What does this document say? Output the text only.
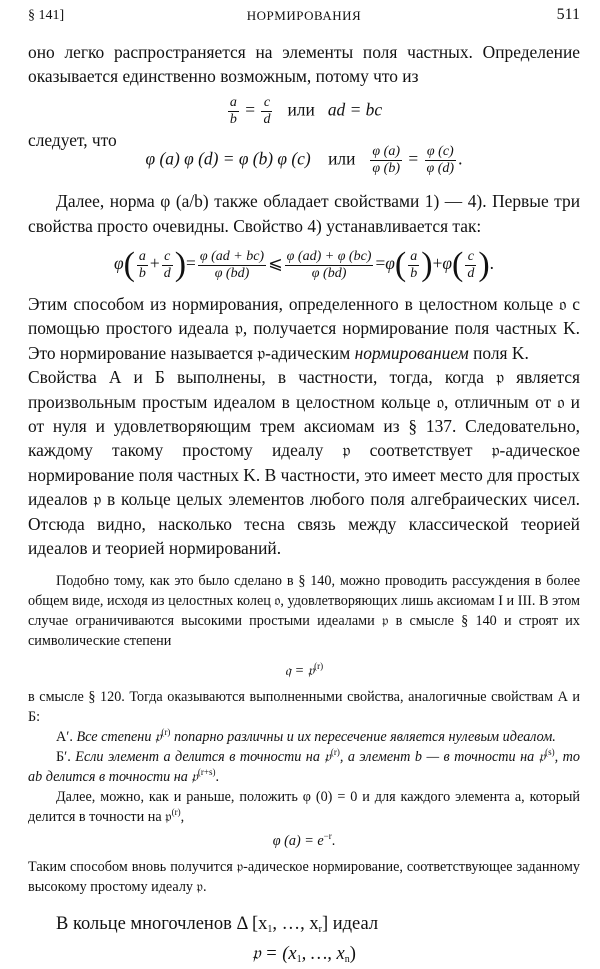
§ 141]	НОРМИРОВАНИЯ	511

оно легко распространяется на элементы поля частных. Определение оказывается единственно возможным, потому что из

$\frac{a}{b} = \frac{c}{d}$ или ad = bc

следует, что

φ (a) φ (d) = φ (b) φ (c) или $\frac{\varphi (a)}{\varphi (b)} = \frac{\varphi (c)}{\varphi (d)}$ .

Далее, норма φ (a/b) также обладает свойствами 1) — 4). Первые три свойства просто очевидны. Свойство 4) устанавливается так:

$\varphi( \frac{a}{b} + \frac{c}{d}$ )= $\frac{\varphi (ad + bc)}{\varphi (bd)}$ ⩽ $\frac{\varphi (ad) + \varphi (bc)}{\varphi (bd)} =\varphi( \frac{a}{b} )+\varphi( \frac{c}{d}$ ).

Этим способом из нормирования, определенного в целостном кольце 𝔬 с помощью простого идеала 𝔭, получается нормирование поля частных K. Это нормирование называется 𝔭-адическим нормированием поля K.

Свойства А и Б выполнены, в частности, тогда, когда 𝔭 является произвольным простым идеалом в целостном кольце 𝔬, отличным от 𝔬 и от нуля и удовлетворяющим трем аксиомам из § 137. Следовательно, каждому такому простому идеалу 𝔭 соответствует 𝔭-адическое нормирование поля частных K. В частности, это имеет место для простых идеалов 𝔭 в кольце целых элементов любого поля алгебраических чисел. Отсюда видно, насколько тесна связь между классической теорией идеалов и теорией нормирований.

Подобно тому, как это было сделано в § 140, можно проводить рассуждения в более общем виде, исходя из целостных колец 𝔬, удовлетворяющих лишь аксиомам I и III. В этом случае ограничиваются высокими простыми идеалами 𝔭 в смысле § 140 и строят их символические степени

𝔮 = 𝔭$^{(r)}$

в смысле § 120. Тогда оказываются выполненными свойства, аналогичные свойствам А и Б:

А′. Все степени 𝔭$^{(r)}$ попарно различны и их пересечение является нулевым идеалом.

Б′. Если элемент a делится в точности на 𝔭$^{(r)}$, а элемент b — в точности на 𝔭$^{(s)}$, то ab делится в точности на 𝔭$^{(r+s)}$.

Далее, можно, как и раньше, положить φ (0) = 0 и для каждого элемента a, который делится в точности на 𝔭$^{(r)}$,

φ $(a) = e^{-r}$.

Таким способом вновь получится 𝔭-адическое нормирование, соответствующее заданному высокому простому идеалу 𝔭.

В кольце многочленов Δ [$x_1$, …, $x_r$] идеал

𝔭 = ($x_1$, …, $x_n$)
